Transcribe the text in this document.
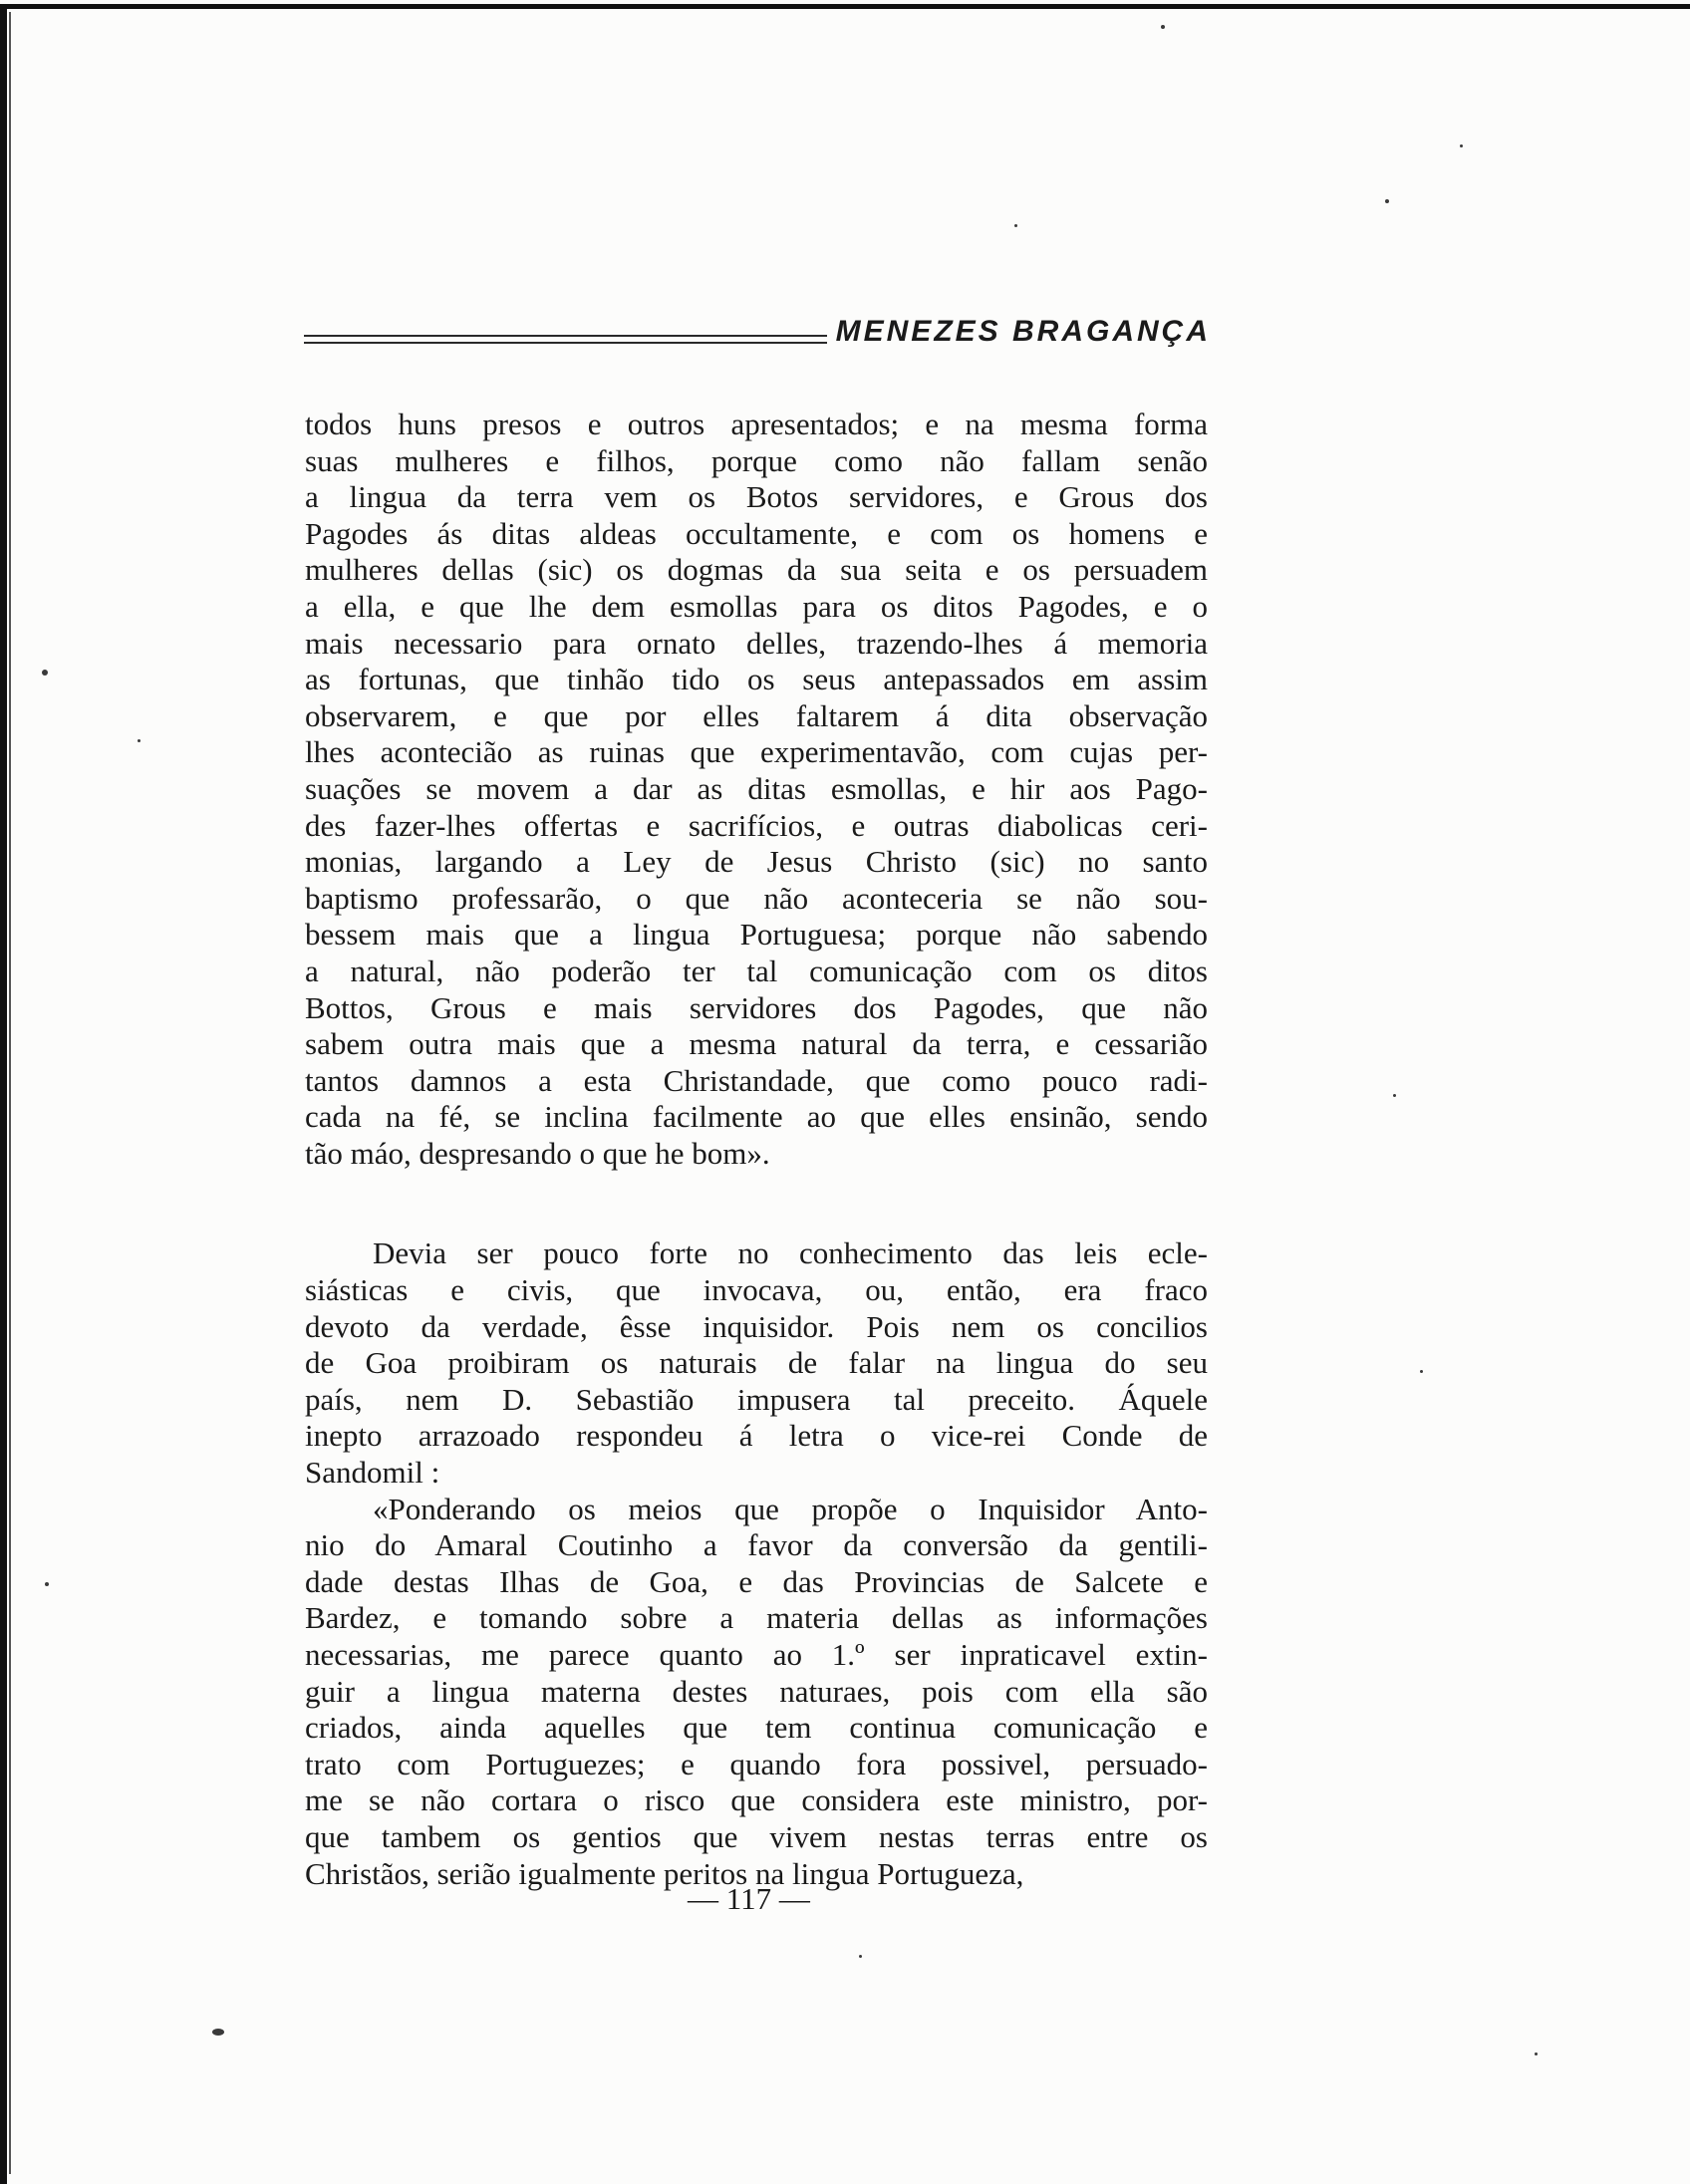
MENEZES BRAGANÇA
todos huns presos e outros apresentados; e na mesma forma
suas mulheres e filhos, porque como não fallam senão
a lingua da terra vem os Botos servidores, e Grous dos
Pagodes ás ditas aldeas occultamente, e com os homens e
mulheres dellas (sic) os dogmas da sua seita e os persuadem
a ella, e que lhe dem esmollas para os ditos Pagodes, e o
mais necessario para ornato delles, trazendo-lhes á memoria
as fortunas, que tinhão tido os seus antepassados em assim
observarem, e que por elles faltarem á dita observação
lhes acontecião as ruinas que experimentavão, com cujas per-
suações se movem a dar as ditas esmollas, e hir aos Pago-
des fazer-lhes offertas e sacrifícios, e outras diabolicas ceri-
monias, largando a Ley de Jesus Christo (sic) no santo
baptismo professarão, o que não aconteceria se não sou-
bessem mais que a lingua Portuguesa; porque não sabendo
a natural, não poderão ter tal comunicação com os ditos
Bottos, Grous e mais servidores dos Pagodes, que não
sabem outra mais que a mesma natural da terra, e cessarião
tantos damnos a esta Christandade, que como pouco radi-
cada na fé, se inclina facilmente ao que elles ensinão, sendo
tão máo, despresando o que he bom».
Devia ser pouco forte no conhecimento das leis ecle-
siásticas e civis, que invocava, ou, então, era fraco
devoto da verdade, êsse inquisidor. Pois nem os concilios
de Goa proibiram os naturais de falar na lingua do seu
país, nem D. Sebastião impusera tal preceito. Áquele
inepto arrazoado respondeu á letra o vice-rei Conde de
Sandomil :
«Ponderando os meios que propõe o Inquisidor Anto-
nio do Amaral Coutinho a favor da conversão da gentili-
dade destas Ilhas de Goa, e das Provincias de Salcete e
Bardez, e tomando sobre a materia dellas as informações
necessarias, me parece quanto ao 1.º ser inpraticavel extin-
guir a lingua materna destes naturaes, pois com ella são
criados, ainda aquelles que tem continua comunicação e
trato com Portuguezes; e quando fora possivel, persuado-
me se não cortara o risco que considera este ministro, por-
que tambem os gentios que vivem nestas terras entre os
Christãos, serião igualmente peritos na lingua Portugueza,
— 117 —
